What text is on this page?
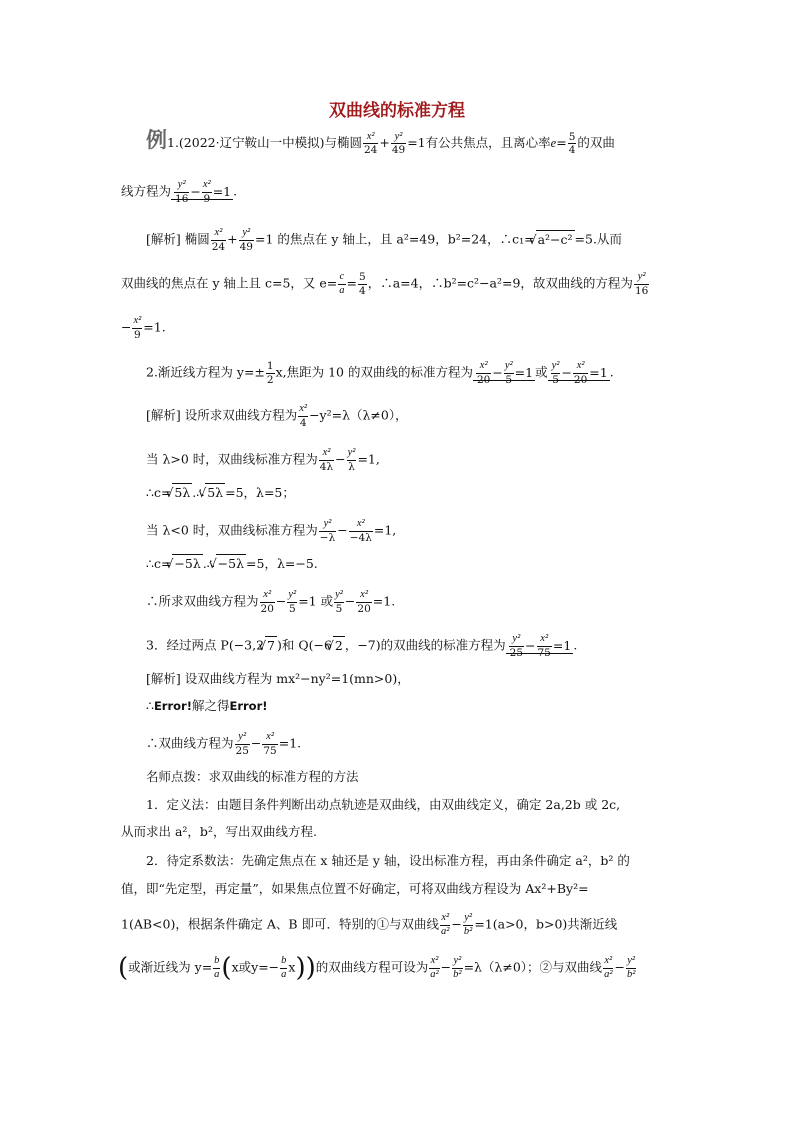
双曲线的标准方程
例1.(2022·辽宁鞍山一中模拟)与椭圆 $\frac{\text{x²}}{24} + \frac{\text{y²}}{49} =1$有公共焦点，且离心率$e= \frac{5}{4}$ 的双曲
线方程为 $\frac{\text{y²}}{16} - \frac{\text{x²}}{9} =1$ .
[解析] 椭圆 $\frac{\text{x²}}{24} + \frac{\text{y²}}{49} =1$ 的焦点在 y 轴上，且 a²=49，b²=24，∴c₁= √ a²−c² =5.从而
双曲线的焦点在 y 轴上且 c=5，又 $e= \frac{c}{a} = \frac{5}{4}$ ，∴a=4，∴b²=c²−a²=9，故双曲线的方程为 $\frac{\text{y²}}{16}$
− $\frac{\text{x²}}{9} =1$.
2.渐近线方程为 $y=\pm \frac{1}{2} x$,焦距为 10 的双曲线的标准方程为 $\frac{\text{x²}}{20} - \frac{\text{y²}}{5} =1$ 或 $\frac{\text{y²}}{5} - \frac{\text{x²}}{20} =1$ .
[解析] 设所求双曲线方程为 $\frac{\text{x²}}{4} -y^2=\lambda(\lambda\ne 0)$，
当 λ>0 时，双曲线标准方程为 $\frac{\text{x²}}{4\lambda} - \frac{\text{y²}}{\lambda} =1$,
∴c= √ 5λ .∴ √ 5λ =5，λ=5；
当 λ<0 时，双曲线标准方程为 $\frac{\text{y²}}{-\lambda} - \frac{\text{x²}}{-4\lambda} =1$,
∴c= √ −5λ .∴ √ −5λ =5，λ=−5.
∴所求双曲线方程为 $\frac{\text{x²}}{20} - \frac{\text{y²}}{5} =1$ 或 $\frac{\text{y²}}{5} - \frac{\text{x²}}{20} =1$.
3．经过两点 P(−3,2 √ 7 )和 Q(−6 √ 2 ，−7)的双曲线的标准方程为 $\frac{\text{y²}}{25} - \frac{\text{x²}}{75} =1$ .
[解析] 设双曲线方程为 mx²−ny²=1(mn>0)，
∴Error!解之得Error!
∴双曲线方程为 $\frac{\text{y²}}{25} - \frac{\text{x²}}{75} =1$.
名师点拨：求双曲线的标准方程的方法
1．定义法：由题目条件判断出动点轨迹是双曲线，由双曲线定义，确定 2a,2b 或 2c,
从而求出 a²，b²，写出双曲线方程.
2．待定系数法：先确定焦点在 x 轴还是 y 轴，设出标准方程，再由条件确定 a²，b² 的
值，即“先定型，再定量”，如果焦点位置不好确定，可将双曲线方程设为 Ax²+By²=
1(AB<0)，根据条件确定 A、B 即可．特别的①与双曲线 $\frac{\text{x²}}{\text{a²}} - \frac{\text{y²}}{\text{b²}} =1(a>0$，b>0)共渐近线
(或渐近线为 $y= \frac{b}{a} (x$或$y=- \frac{b}{a} x$))的双曲线方程可设为 $\frac{\text{x²}}{\text{a²}} - \frac{\text{y²}}{\text{b²}} =\lambda(\lambda\ne 0)$；②与双曲线 $\frac{\text{x²}}{\text{a²}} - \frac{\text{y²}}{\text{b²}}$
